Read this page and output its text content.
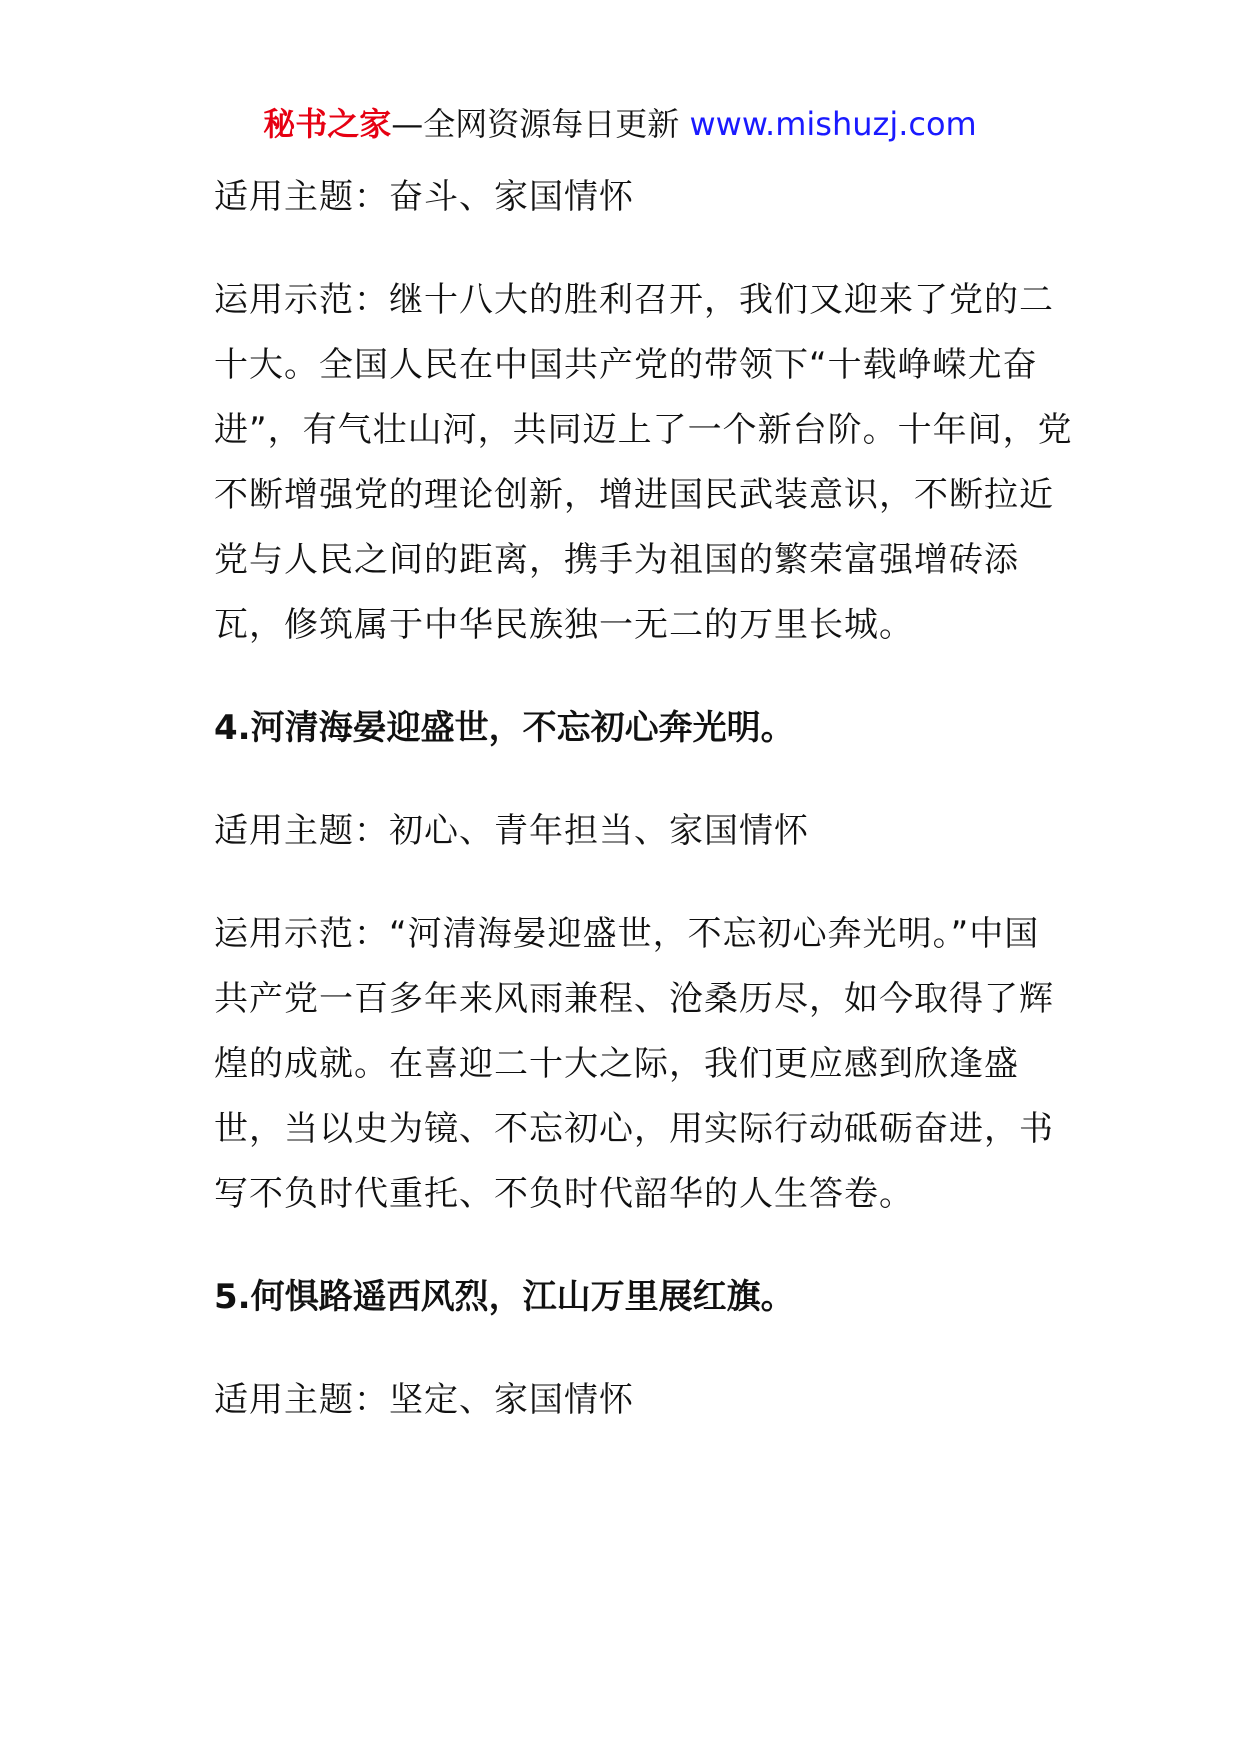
秘书之家—全网资源每日更新 www.mishuzj.com

适用主题：奋斗、家国情怀

运用示范：继十八大的胜利召开，我们又迎来了党的二十大。全国人民在中国共产党的带领下“十载峥嵘尤奋进”，有气壮山河，共同迈上了一个新台阶。十年间，党不断增强党的理论创新，增进国民武装意识，不断拉近党与人民之间的距离，携手为祖国的繁荣富强增砖添瓦，修筑属于中华民族独一无二的万里长城。

4.河清海晏迎盛世，不忘初心奔光明。

适用主题：初心、青年担当、家国情怀

运用示范：“河清海晏迎盛世，不忘初心奔光明。”中国共产党一百多年来风雨兼程、沧桑历尽，如今取得了辉煌的成就。在喜迎二十大之际，我们更应感到欣逢盛世，当以史为镜、不忘初心，用实际行动砥砺奋进，书写不负时代重托、不负时代韶华的人生答卷。

5.何惧路遥西风烈，江山万里展红旗。

适用主题：坚定、家国情怀
